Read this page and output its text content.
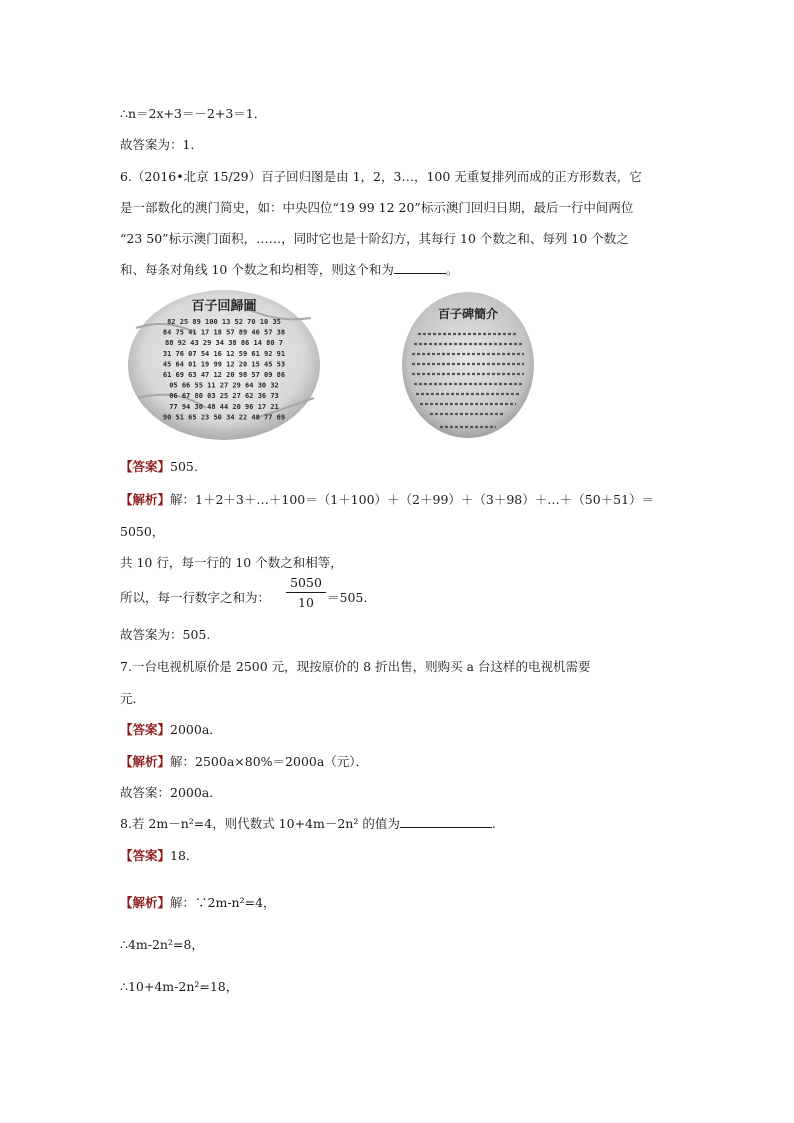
∴n＝2x+3＝－2+3＝1．
故答案为：1．
6.（2016•北京 15/29）百子回归图是由 1，2，3…，100 无重复排列而成的正方形数表，它
是一部数化的澳门简史，如：中央四位“19 99 12 20”标示澳门回归日期，最后一行中间两位
“23 50”标示澳门面积，……，同时它也是十阶幻方，其每行 10 个数之和、每列 10 个数之
和、每条对角线 10 个数之和均相等，则这个和为	。
百子回歸圖
82 25 89 100 13 52 70 10 35
84 75 41 17 18 57 89 46 57 38
88 92 43 29 34 38 86 14 80 7
31 76 07 54 16 12 59 61 92 91
45 64 01 19 99 12 20 15 45 53
61 69 63 47 12 20 98 57 09 86
05 66 55 11 27 29 64 30 32
06 67 80 03 25 27 62 36 73
77 94 30 48 44 20 96 17 21
90 51 65 23 50 34 22 48 77 69
百子碑簡介
【答案】505.
【解析】解：1＋2＋3＋…＋100＝（1＋100）＋（2＋99）＋（3＋98）＋…＋（50＋51）＝
5050，
共 10 行，每一行的 10 个数之和相等，
所以，每一行数字之和为：
5050
10	＝505.
故答案为：505.
7.一台电视机原价是 2500 元，现按原价的 8 折出售，则购买 a 台这样的电视机需要
元．
【答案】2000a．
【解析】解：2500a×80%＝2000a（元）．
故答案：2000a．
8.若 2m－n²=4，则代数式 10+4m－2n² 的值为	.
【答案】18．
【解析】解：∵2m-n²=4，
∴4m-2n²=8，
∴10+4m-2n²=18，
